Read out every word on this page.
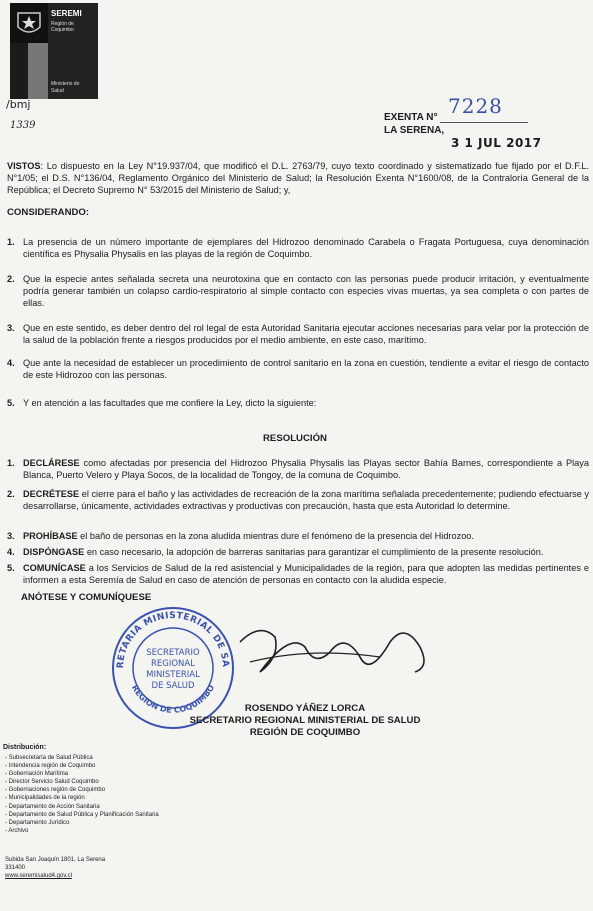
SEREMI
Región de Coquimbo
Ministerio de
Salud
/bmj
1339
EXENTA N° 7228
LA SERENA,
3 1 JUL 2017
VISTOS: Lo dispuesto en la Ley N°19.937/04, que modificó el D.L. 2763/79, cuyo texto coordinado y sistematizado fue fijado por el D.F.L. N°1/05; el D.S. N°136/04, Reglamento Orgánico del Ministerio de Salud; la Resolución Exenta N°1600/08, de la Contraloría General de la República; el Decreto Supremo N° 53/2015 del Ministerio de Salud; y,
CONSIDERANDO:
1. La presencia de un número importante de ejemplares del Hidrozoo denominado Carabela o Fragata Portuguesa, cuya denominación científica es Physalia Physalis en las playas de la región de Coquimbo.
2. Que la especie antes señalada secreta una neurotoxina que en contacto con las personas puede producir irritación, y eventualmente podría generar también un colapso cardio-respiratorio al simple contacto con especies vivas muertas, ya sea completa o con partes de ellas.
3. Que en este sentido, es deber dentro del rol legal de esta Autoridad Sanitaria ejecutar acciones necesarias para velar por la protección de la salud de la población frente a riesgos producidos por el medio ambiente, en este caso, marítimo.
4. Que ante la necesidad de establecer un procedimiento de control sanitario en la zona en cuestión, tendiente a evitar el riesgo de contacto de este Hidrozoo con las personas.
5. Y en atención a las facultades que me confiere la Ley, dicto la siguiente:
RESOLUCIÓN
1. DECLÁRESE como afectadas por presencia del Hidrozoo Physalia Physalis las Playas sector Bahía Barnes, correspondiente a Playa Blanca, Puerto Velero y Playa Socos, de la localidad de Tongoy, de la comuna de Coquimbo.
2. DECRÉTESE el cierre para el baño y las actividades de recreación de la zona marítima señalada precedentemente; pudiendo efectuarse y desarrollarse, únicamente, actividades extractivas y productivas con precaución, hasta que esta Autoridad lo determine.
3. PROHÍBASE el baño de personas en la zona aludida mientras dure el fenómeno de la presencia del Hidrozoo.
4. DISPÓNGASE en caso necesario, la adopción de barreras sanitarias para garantizar el cumplimiento de la presente resolución.
5. COMUNÍCASE a los Servicios de Salud de la red asistencial y Municipalidades de la región, para que adopten las medidas pertinentes e informen a esta Seremía de Salud en caso de atención de personas en contacto con la aludida especie.
ANÓTESE Y COMUNÍQUESE
RETARIA MINISTERIAL DE SA
REGION DE COQUIMBO
SECRETARIO
REGIONAL
MINISTERIAL
DE SALUD
ROSENDO YÁÑEZ LORCA
SECRETARIO REGIONAL MINISTERIAL DE SALUD
REGIÓN DE COQUIMBO
Distribución:
- Subsecretaría de Salud Pública
- Intendencia región de Coquimbo
- Gobernación Marítima
- Director Servicio Salud Coquimbo
- Gobernaciones región de Coquimbo
- Municipalidades de la región
- Departamento de Acción Sanitaria
- Departamento de Salud Pública y Planificación Sanitaria
- Departamento Jurídico
- Archivo
Subida San Joaquín 1801, La Serena
331400
www.seremisalud4.gov.cl
